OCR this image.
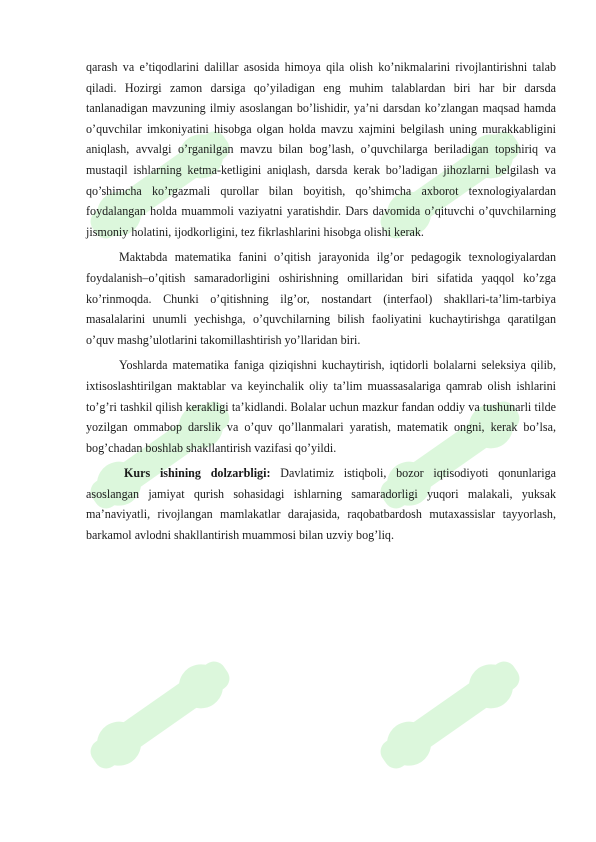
qarash va e’tiqodlarini dalillar asosida himoya qila olish ko’nikmalarini rivojlantirishni talab qiladi. Hozirgi zamon darsiga qo’yiladigan eng muhim talablardan biri har bir darsda tanlanadigan mavzuning ilmiy asoslangan bo’lishidir, ya’ni darsdan ko’zlangan maqsad hamda o’quvchilar imkoniyatini hisobga olgan holda mavzu xajmini belgilash uning murakkabligini aniqlash, avvalgi o’rganilgan mavzu bilan bog’lash, o’quvchilarga beriladigan topshiriq va mustaqil ishlarning ketma-ketligini aniqlash, darsda kerak bo’ladigan jihozlarni belgilash va qo’shimcha ko’rgazmali qurollar bilan boyitish, qo’shimcha axborot texnologiyalardan foydalangan holda muammoli vaziyatni yaratishdir. Dars davomida o’qituvchi o’quvchilarning jismoniy holatini, ijodkorligini, tez fikrlashlarini hisobga olishi kerak.

Maktabda matematika fanini o’qitish jarayonida ilg’or pedagogik texnologiyalardan foydalanish–o’qitish samaradorligini oshirishning omillaridan biri sifatida yaqqol ko’zga ko’rinmoqda. Chunki o’qitishning ilg’or, nostandart (interfaol) shakllari-ta’lim-tarbiya masalalarini unumli yechishga, o’quvchilarning bilish faoliyatini kuchaytirishga qaratilgan o’quv mashg’ulotlarini takomillashtirish yo’llaridan biri.

Yoshlarda matematika faniga qiziqishni kuchaytirish, iqtidorli bolalarni seleksiya qilib, ixtisoslashtirilgan maktablar va keyinchalik oliy ta’lim muassasalariga qamrab olish ishlarini to’g’ri tashkil qilish kerakligi ta’kidlandi. Bolalar uchun mazkur fandan oddiy va tushunarli tilde yozilgan ommabop darslik va o’quv qo’llanmalari yaratish, matematik ongni, kerak bo’lsa, bog’chadan boshlab shakllantirish vazifasi qo’yildi.

Kurs ishining dolzarbligi: Davlatimiz istiqboli, bozor iqtisodiyoti qonunlariga asoslangan jamiyat qurish sohasidagi ishlarning samaradorligi yuqori malakali, yuksak ma’naviyatli, rivojlangan mamlakatlar darajasida, raqobatbardosh mutaxassislar tayyorlash, barkamol avlodni shakllantirish muammosi bilan uzviy bog’liq.
